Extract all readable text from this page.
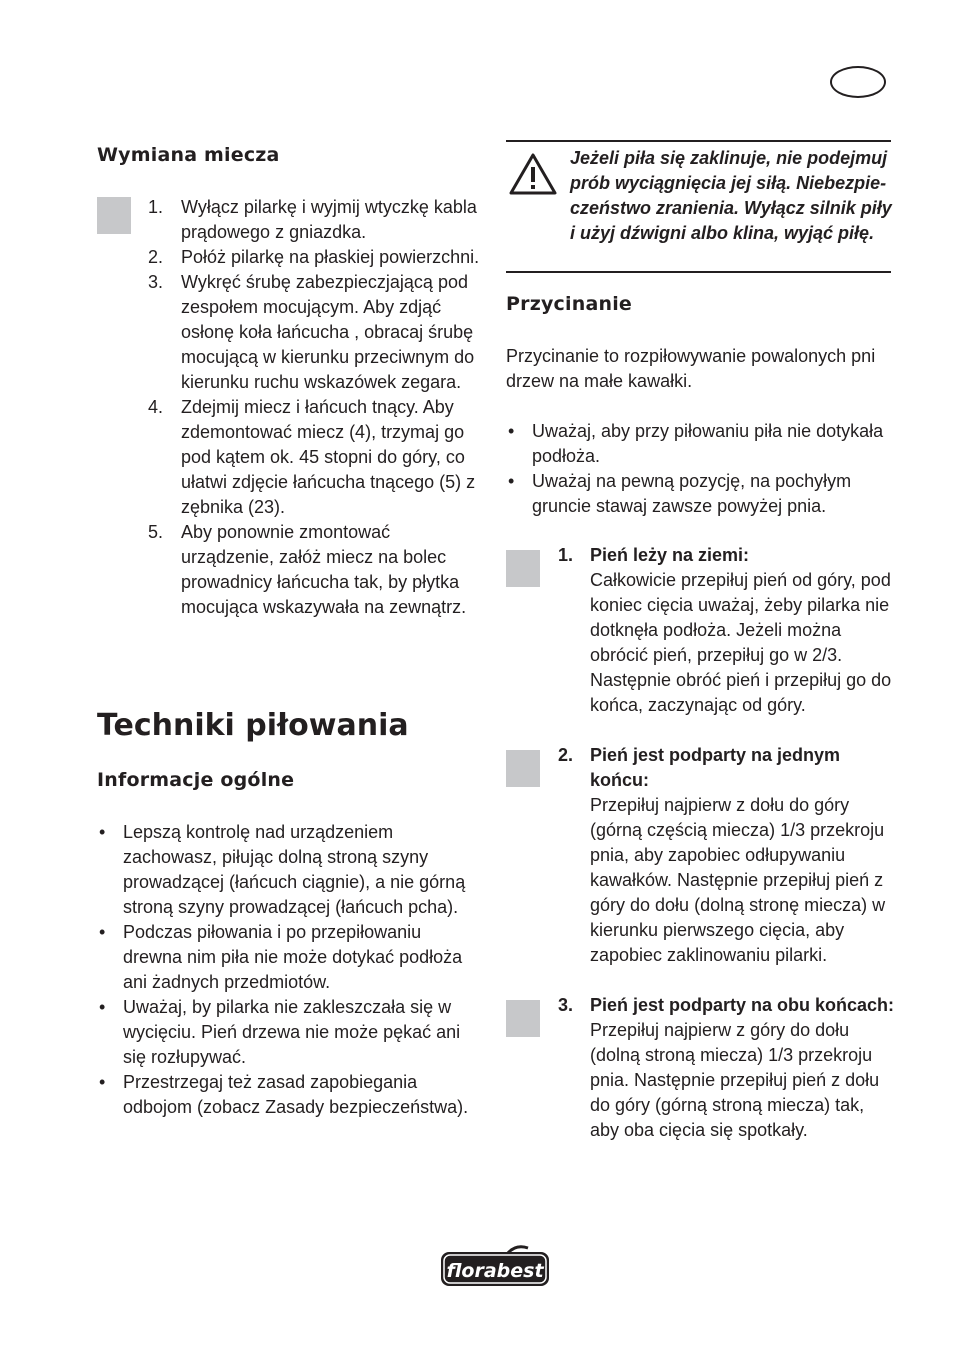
Wymiana miecza
1. Wyłącz pilarkę i wyjmij wtyczkę kabla prądowego z gniazdka.
2. Połóż pilarkę na płaskiej powierzchni.
3. Wykręć śrubę zabezpieczjającą pod zespołem mocującym. Aby zdjąć osłonę koła łańcucha , obracaj śrubę mocującą w kierunku przeciwnym do kierunku ruchu wskazówek zegara.
4. Zdejmij miecz i łańcuch tnący. Aby zdemontować miecz (4), trzymaj go pod kątem ok. 45 stopni do góry, co ułatwi zdjęcie łańcucha tnącego (5) z zębnika (23).
5. Aby ponownie zmontować urządzenie, załóż miecz na bolec prowadnicy łańcucha tak, by płytka mocująca wskazywała na zewnątrz.
Techniki piłowania
Informacje ogólne
• Lepszą kontrolę nad urządzeniem zachowasz, piłując dolną stroną szyny prowadzącej (łańcuch ciągnie), a nie górną stroną szyny prowadzącej (łańcuch pcha).
• Podczas piłowania i po przepiłowaniu drewna nim piła nie może dotykać podłoża ani żadnych przedmiotów.
• Uważaj, by pilarka nie zakleszczała się w wycięciu. Pień drzewa nie może pękać ani się rozłupywać.
• Przestrzegaj też zasad zapobiegania odbojom (zobacz Zasady bezpieczeństwa).
Jeżeli piła się zaklinuje, nie podejmuj prób wyciągnięcia jej siłą. Niebezpie-czeństwo zranienia. Wyłącz silnik piły i użyj dźwigni albo klina, wyjąć piłę.
Przycinanie
Przycinanie to rozpiłowywanie powalonych pni drzew na małe kawałki.
• Uważaj, aby przy piłowaniu piła nie dotykała podłoża.
• Uważaj na pewną pozycję, na pochyłym gruncie stawaj zawsze powyżej pnia.
1. Pień leży na ziemi:
Całkowicie przepiłuj pień od góry, pod koniec cięcia uważaj, żeby pilarka nie dotknęła podłoża. Jeżeli można obrócić pień, przepiłuj go w 2/3. Następnie obróć pień i przepiłuj go do końca, zaczynając od góry.
2. Pień jest podparty na jednym końcu:
Przepiłuj najpierw z dołu do góry (górną częścią miecza) 1/3 przekroju pnia, aby zapobiec odłupywaniu kawałków. Następnie przepiłuj pień z góry do dołu (dolną stronę miecza) w kierunku pierwszego cięcia, aby zapobiec zaklinowaniu pilarki.
3. Pień jest podparty na obu końcach:
Przepiłuj najpierw z góry do dołu (dolną stroną miecza) 1/3 przekroju pnia. Następnie przepiłuj pień z dołu do góry (górną stroną miecza) tak, aby oba cięcia się spotkały.
florabest
